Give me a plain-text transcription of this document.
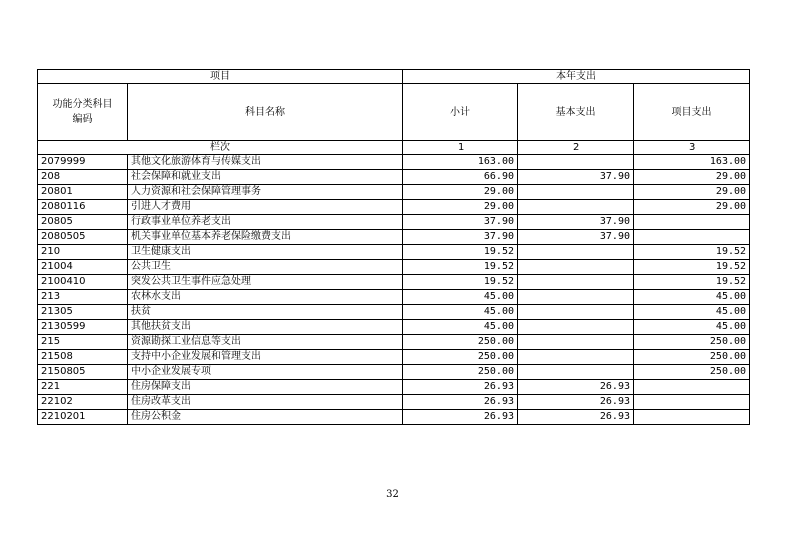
项目		本年支出		
功能分类科目
编码	科目名称	小计	基本支出	项目支出
栏次		1	2	3
2079999	其他文化旅游体育与传媒支出	163.00		163.00
208	社会保障和就业支出	66.90	37.90	29.00
20801	人力资源和社会保障管理事务	29.00		29.00
2080116	引进人才费用	29.00		29.00
20805	行政事业单位养老支出	37.90	37.90	
2080505	机关事业单位基本养老保险缴费支出	37.90	37.90	
210	卫生健康支出	19.52		19.52
21004	公共卫生	19.52		19.52
2100410	突发公共卫生事件应急处理	19.52		19.52
213	农林水支出	45.00		45.00
21305	扶贫	45.00		45.00
2130599	其他扶贫支出	45.00		45.00
215	资源勘探工业信息等支出	250.00		250.00
21508	支持中小企业发展和管理支出	250.00		250.00
2150805	中小企业发展专项	250.00		250.00
221	住房保障支出	26.93	26.93	
22102	住房改革支出	26.93	26.93	
2210201	住房公积金	26.93	26.93	
32
